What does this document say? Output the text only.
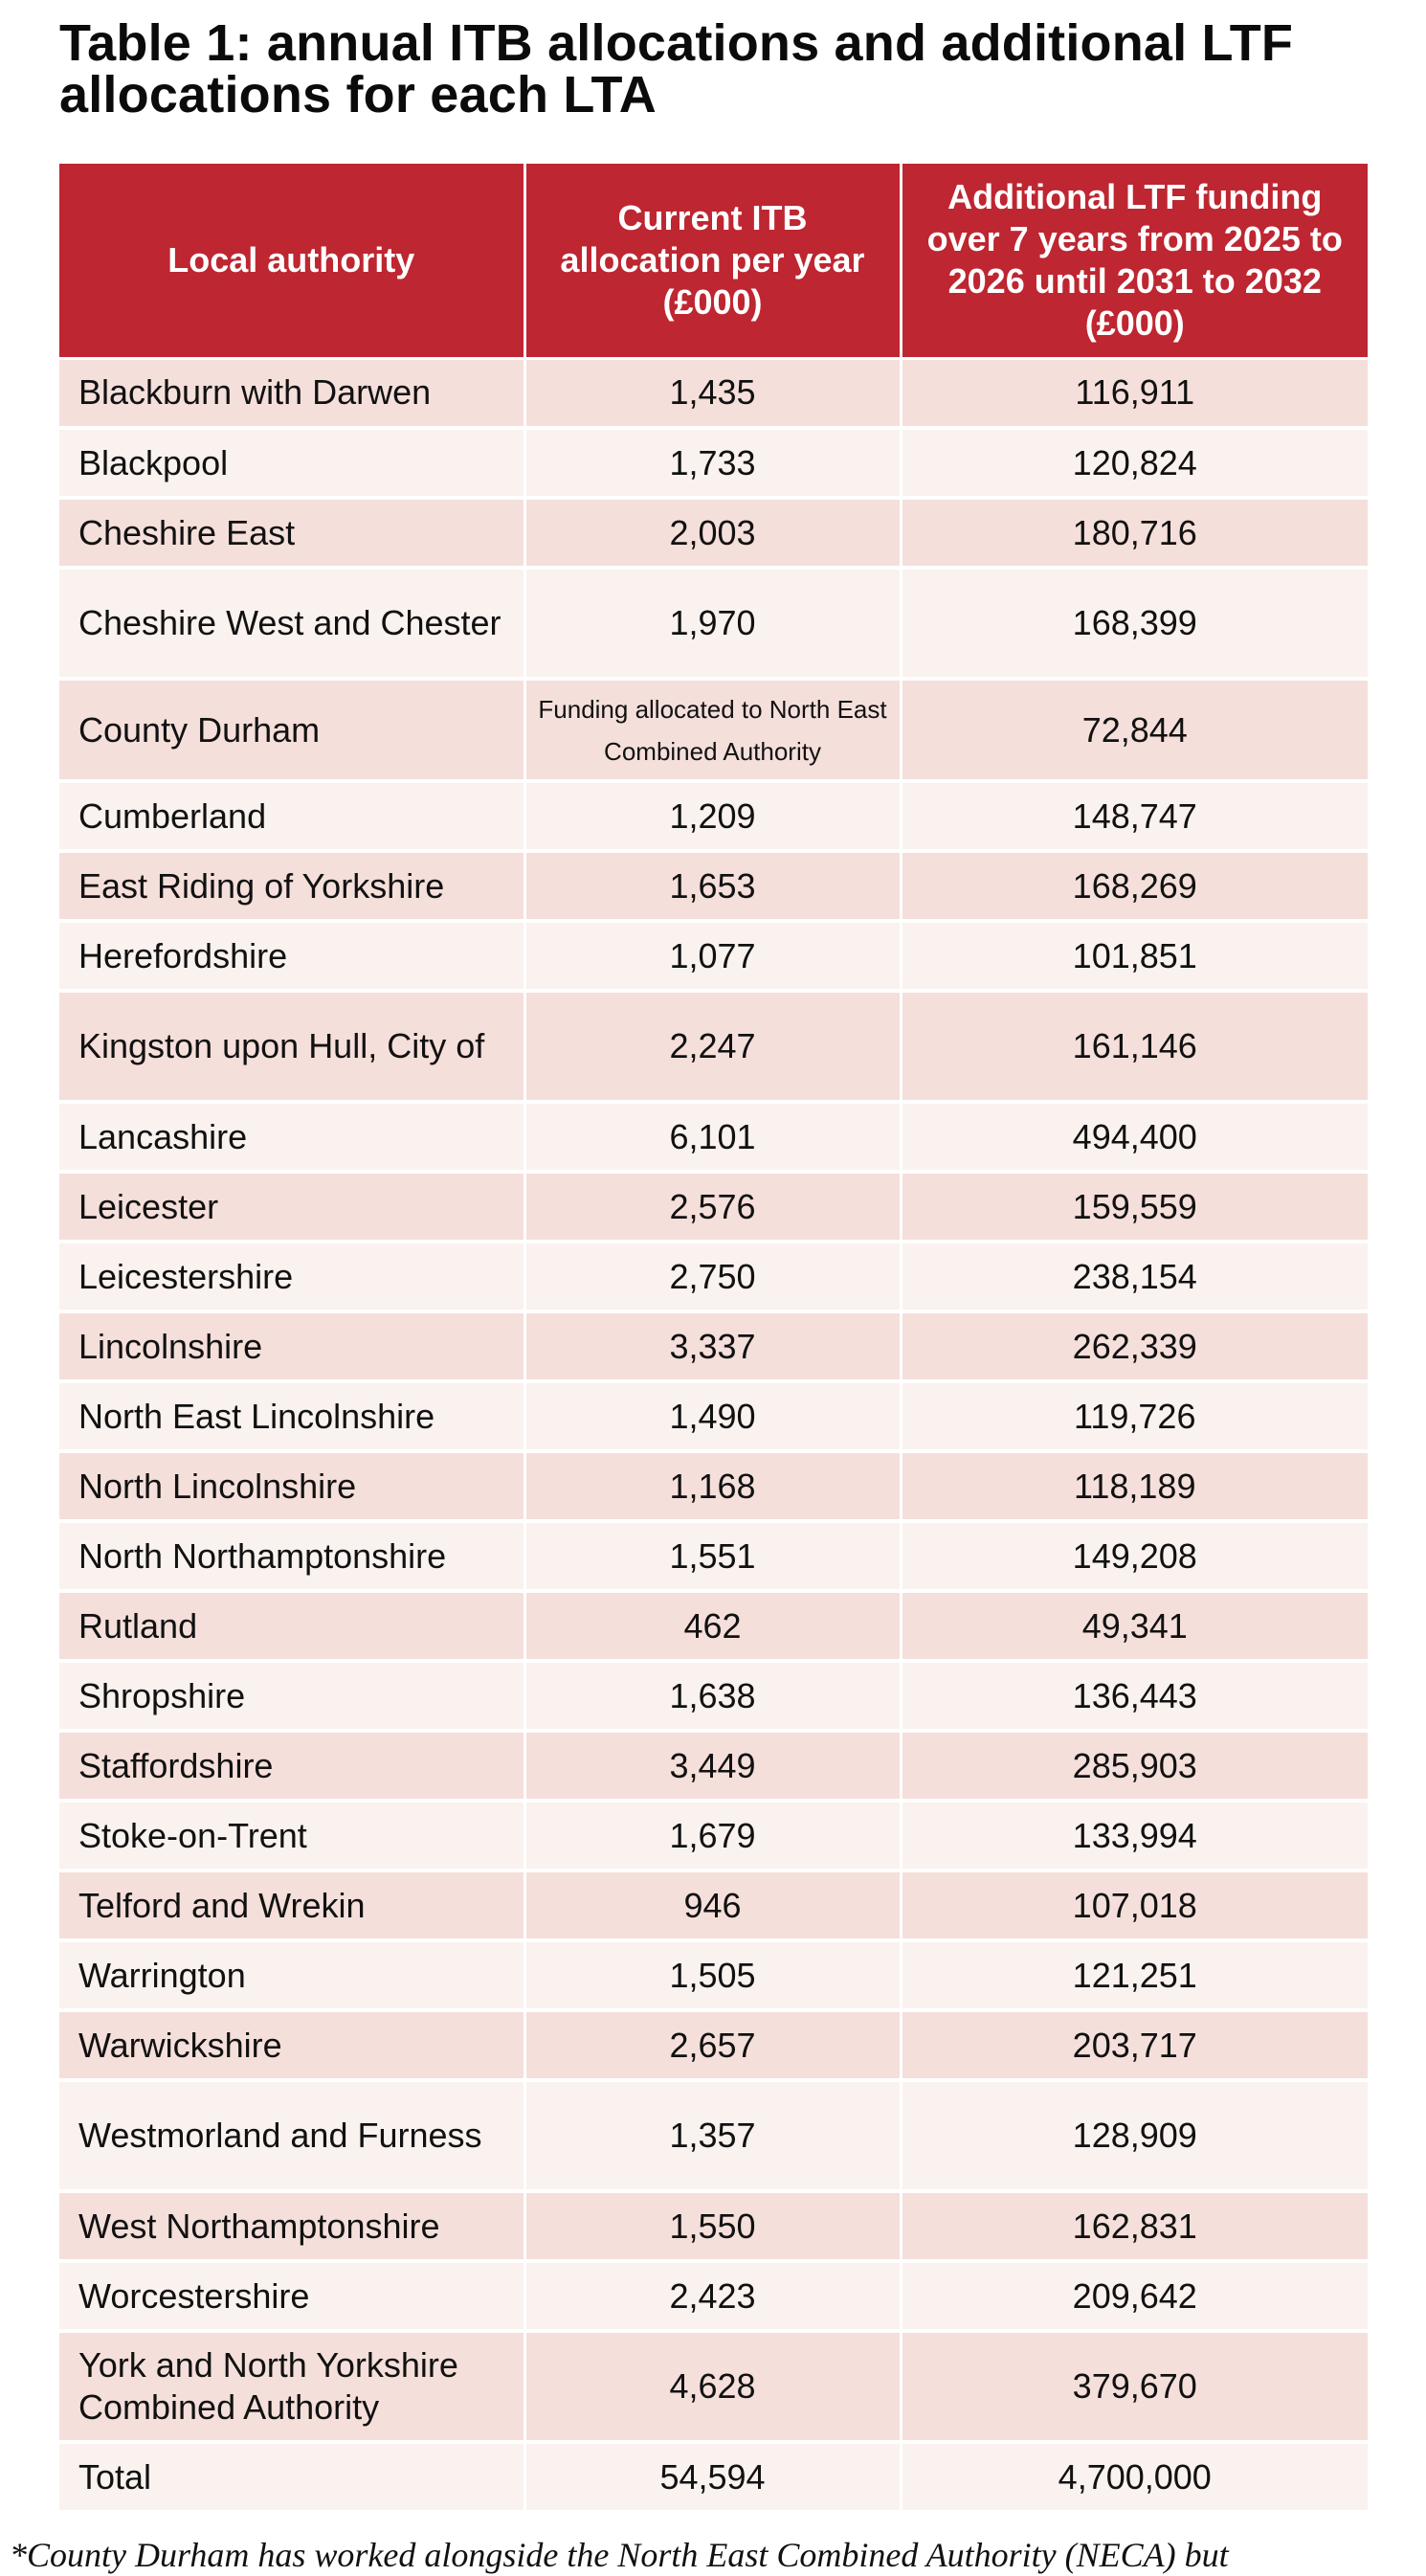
Table 1: annual ITB allocations and additional LTF allocations for each LTA
Local authority	Current ITB allocation per year (£000)	Additional LTF funding over 7 years from 2025 to 2026 until 2031 to 2032 (£000)
Blackburn with Darwen	1,435	116,911
Blackpool	1,733	120,824
Cheshire East	2,003	180,716
Cheshire West and Chester	1,970	168,399
County Durham	Funding allocated to North East Combined Authority	72,844
Cumberland	1,209	148,747
East Riding of Yorkshire	1,653	168,269
Herefordshire	1,077	101,851
Kingston upon Hull, City of	2,247	161,146
Lancashire	6,101	494,400
Leicester	2,576	159,559
Leicestershire	2,750	238,154
Lincolnshire	3,337	262,339
North East Lincolnshire	1,490	119,726
North Lincolnshire	1,168	118,189
North Northamptonshire	1,551	149,208
Rutland	462	49,341
Shropshire	1,638	136,443
Staffordshire	3,449	285,903
Stoke-on-Trent	1,679	133,994
Telford and Wrekin	946	107,018
Warrington	1,505	121,251
Warwickshire	2,657	203,717
Westmorland and Furness	1,357	128,909
West Northamptonshire	1,550	162,831
Worcestershire	2,423	209,642
York and North Yorkshire Combined Authority	4,628	379,670
Total	54,594	4,700,000
*County Durham has worked alongside the North East Combined Authority (NECA) but
